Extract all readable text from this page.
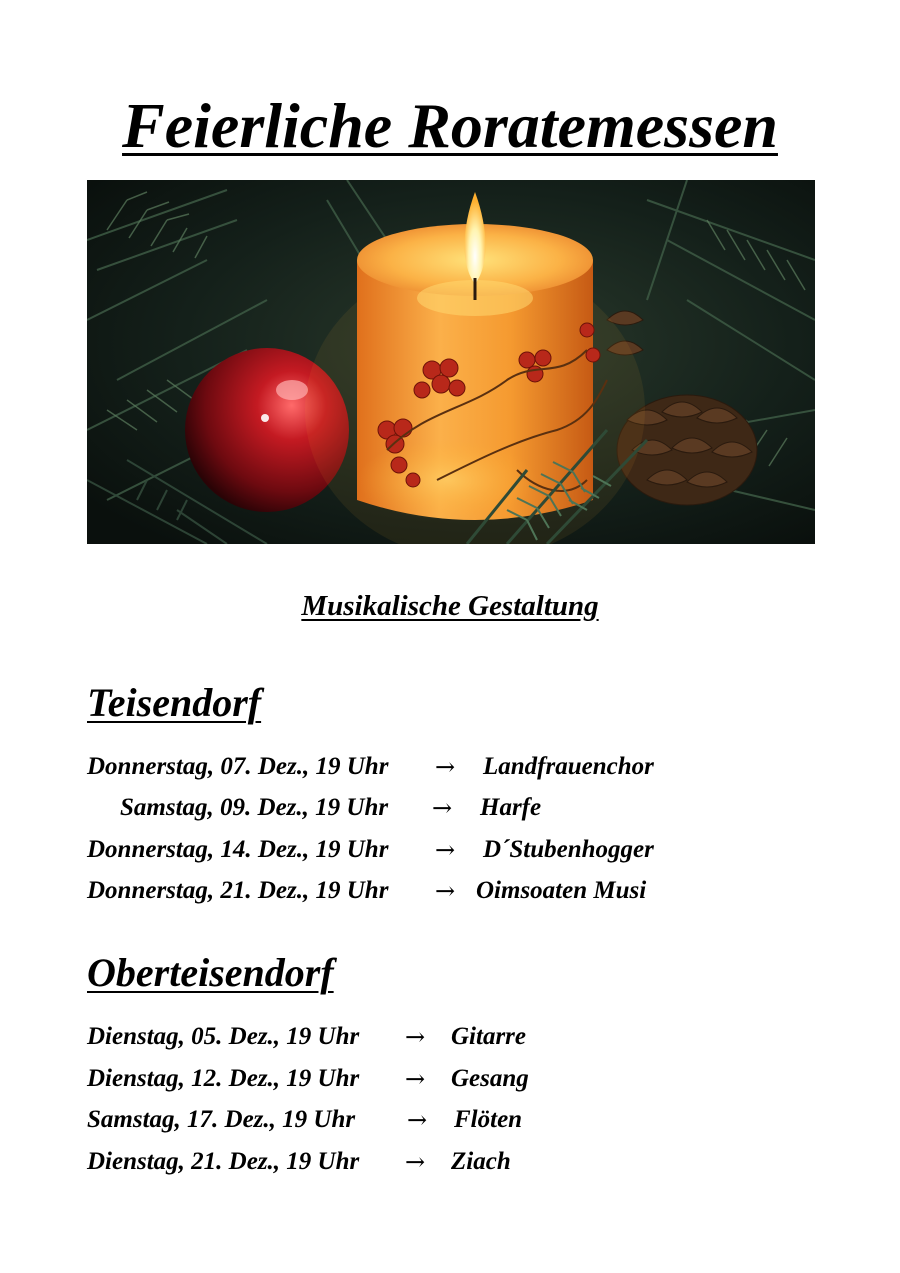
Feierliche Roratemessen
Musikalische Gestaltung
Teisendorf
Donnerstag, 07. Dez., 19 Uhr → Landfrauenchor
Samstag, 09. Dez., 19 Uhr → Harfe
Donnerstag, 14. Dez., 19 Uhr → D´Stubenhogger
Donnerstag, 21. Dez., 19 Uhr → Oimsoaten Musi
Oberteisendorf
Dienstag, 05. Dez., 19 Uhr → Gitarre
Dienstag, 12. Dez., 19 Uhr → Gesang
Samstag, 17. Dez., 19 Uhr → Flöten
Dienstag, 21. Dez., 19 Uhr → Ziach
